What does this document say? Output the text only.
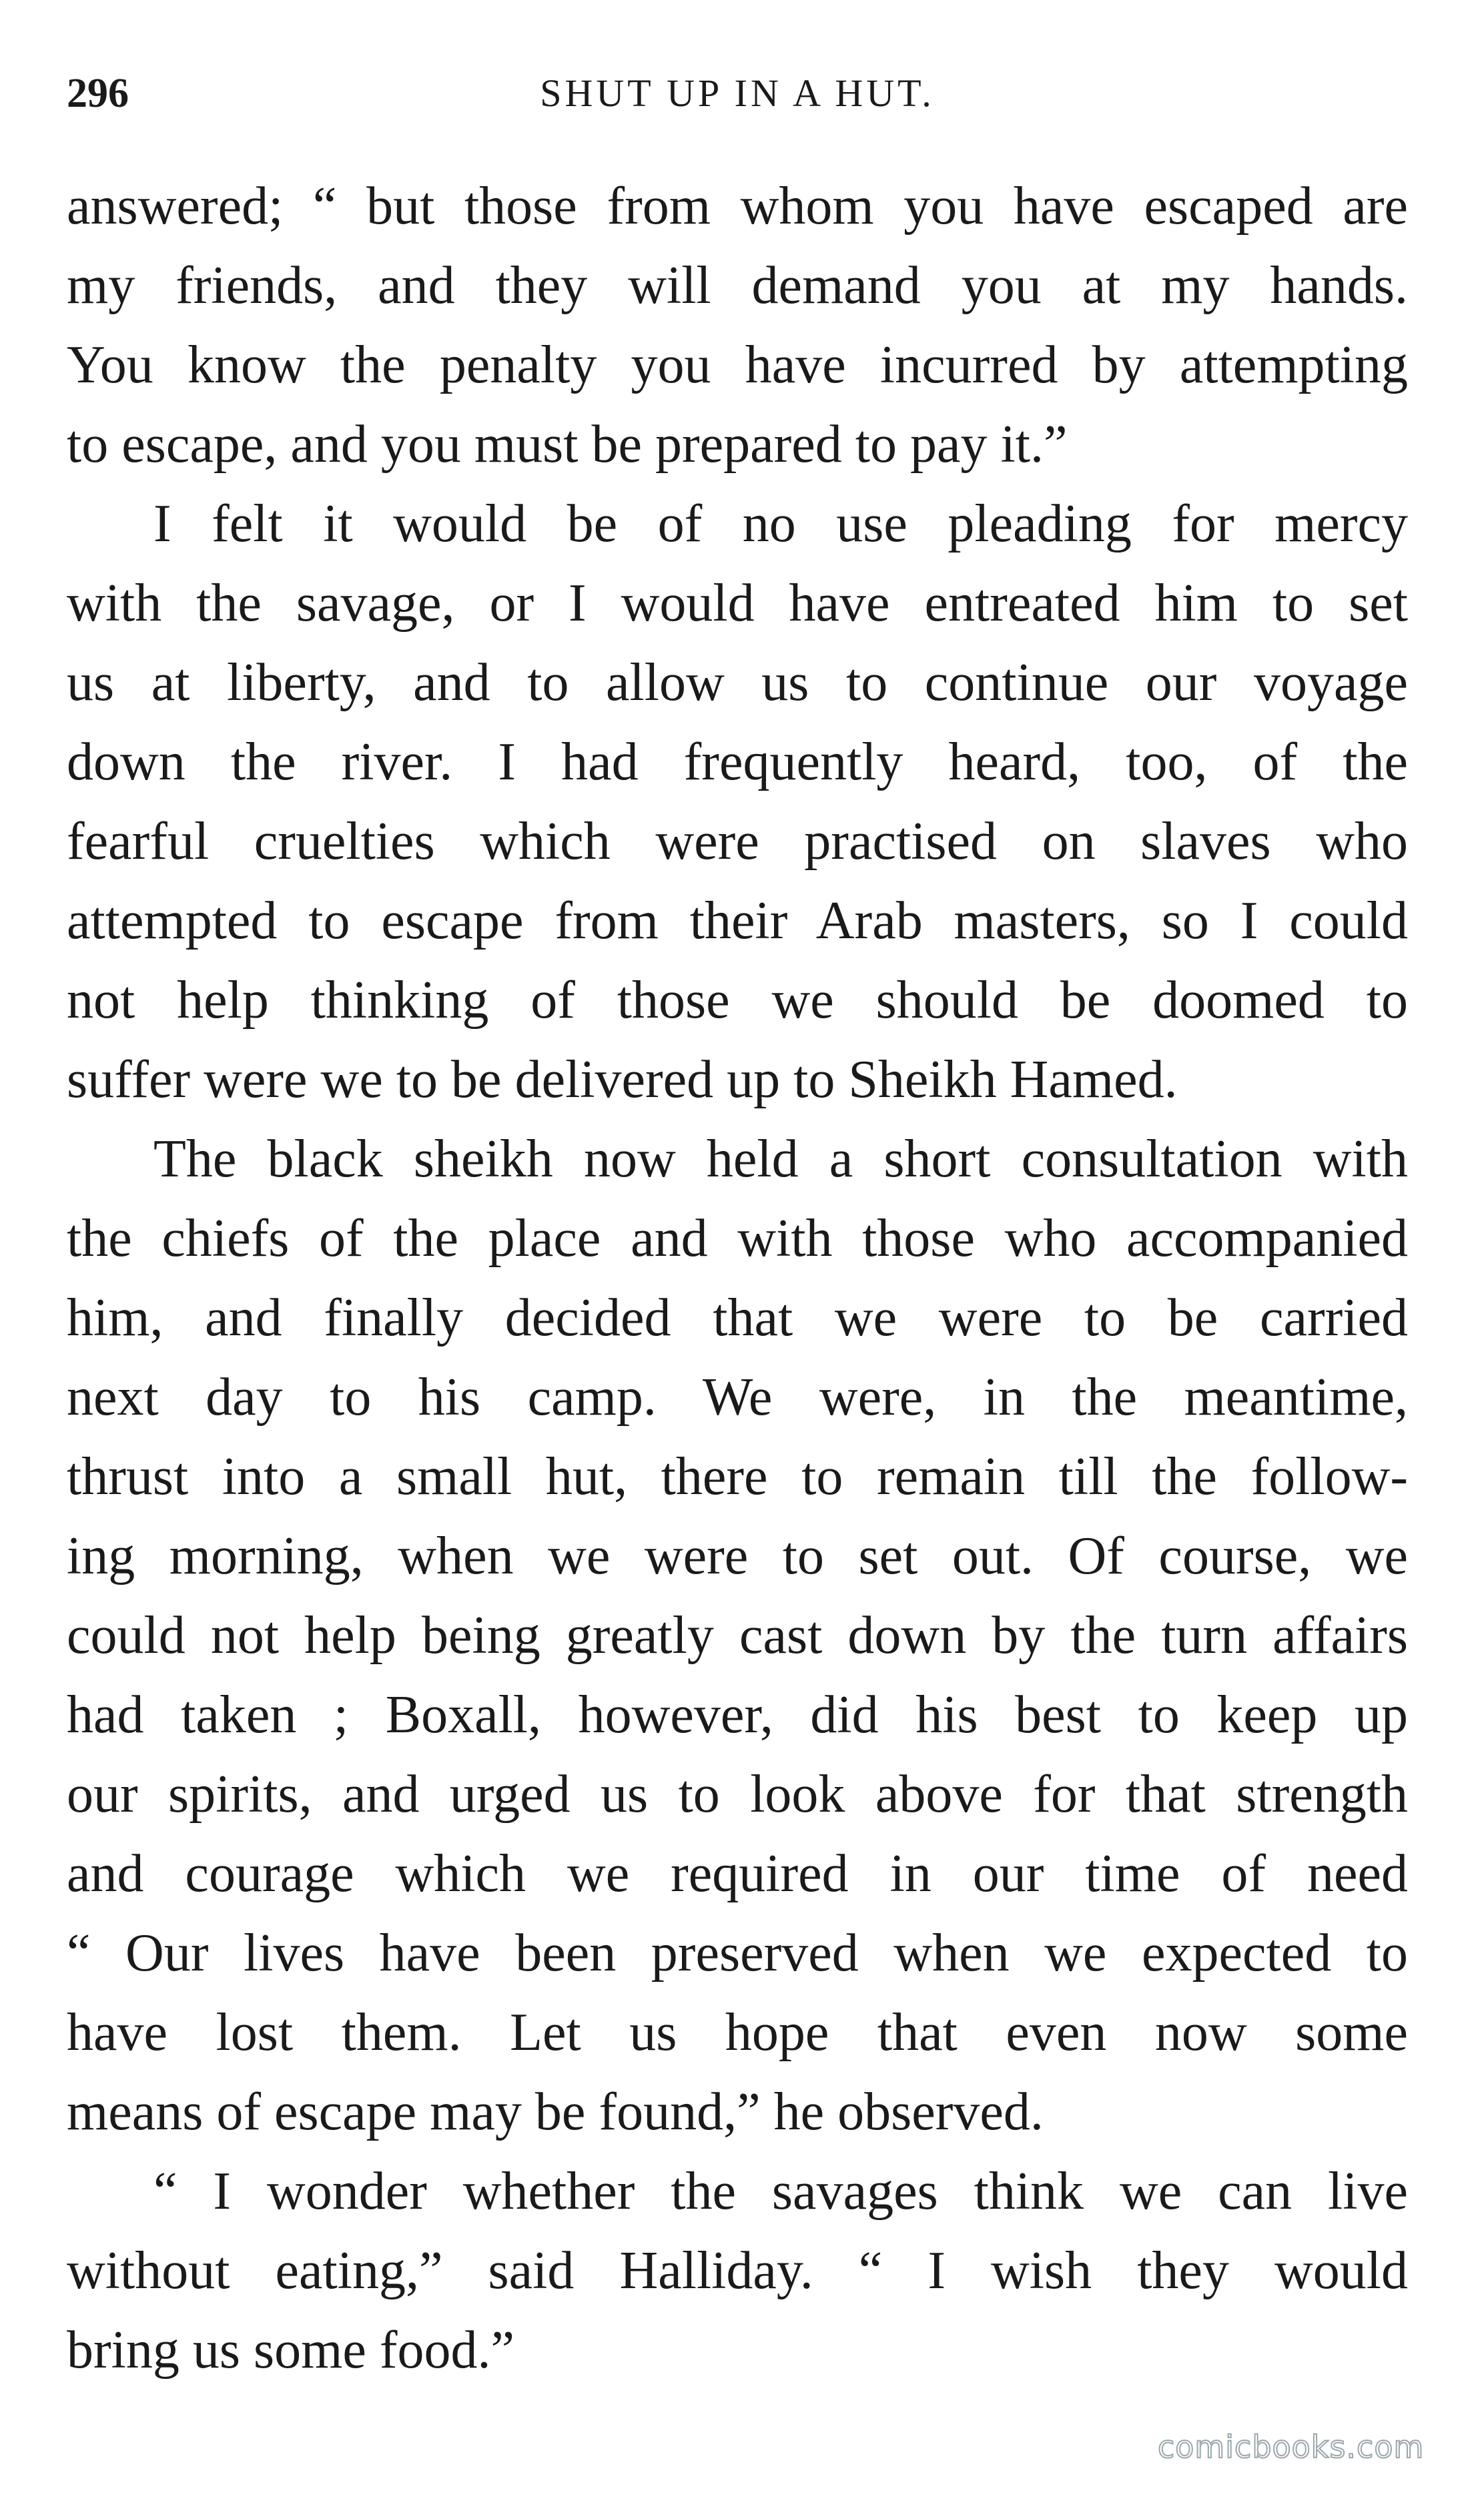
296	SHUT UP IN A HUT.
answered; “ but those from whom you have escaped are
my friends, and they will demand you at my hands.
You know the penalty you have incurred by attempting
to escape, and you must be prepared to pay it.”
I felt it would be of no use pleading for mercy
with the savage, or I would have entreated him to set
us at liberty, and to allow us to continue our voyage
down the river. I had frequently heard, too, of the
fearful cruelties which were practised on slaves who
attempted to escape from their Arab masters, so I could
not help thinking of those we should be doomed to
suffer were we to be delivered up to Sheikh Hamed.
The black sheikh now held a short consultation with
the chiefs of the place and with those who accompanied
him, and finally decided that we were to be carried
next day to his camp. We were, in the meantime,
thrust into a small hut, there to remain till the follow-
ing morning, when we were to set out. Of course, we
could not help being greatly cast down by the turn affairs
had taken ; Boxall, however, did his best to keep up
our spirits, and urged us to look above for that strength
and courage which we required in our time of need
“ Our lives have been preserved when we expected to
have lost them. Let us hope that even now some
means of escape may be found,” he observed.
“ I wonder whether the savages think we can live
without eating,” said Halliday. “ I wish they would
bring us some food.”
comicbooks.com
